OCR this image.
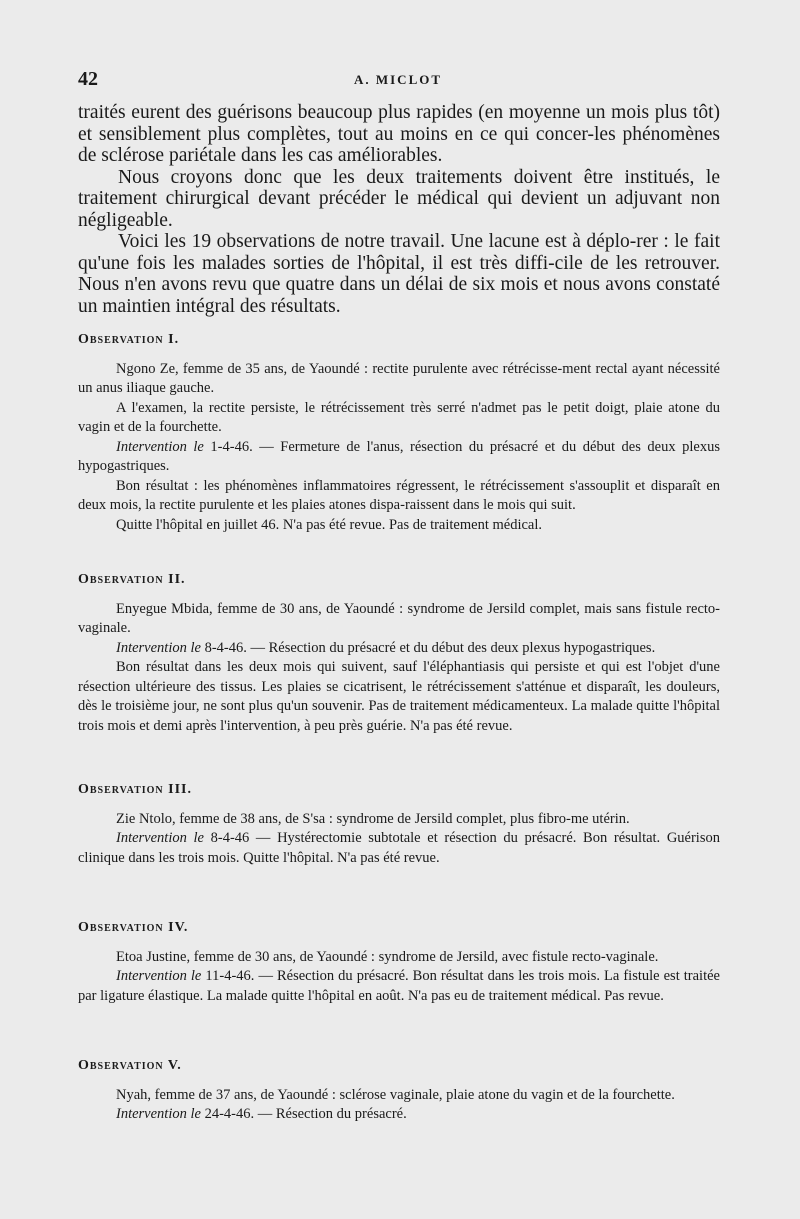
42	A. MICLOT

traités eurent des guérisons beaucoup plus rapides (en moyenne un mois plus tôt) et sensiblement plus complètes, tout au moins en ce qui concer-les phénomènes de sclérose pariétale dans les cas améliorables.

Nous croyons donc que les deux traitements doivent être institués, le traitement chirurgical devant précéder le médical qui devient un adjuvant non négligeable.

Voici les 19 observations de notre travail. Une lacune est à déplo-rer : le fait qu'une fois les malades sorties de l'hôpital, il est très diffi-cile de les retrouver. Nous n'en avons revu que quatre dans un délai de six mois et nous avons constaté un maintien intégral des résultats.

Observation I.

Ngono Ze, femme de 35 ans, de Yaoundé : rectite purulente avec rétrécisse-ment rectal ayant nécessité un anus iliaque gauche.

A l'examen, la rectite persiste, le rétrécissement très serré n'admet pas le petit doigt, plaie atone du vagin et de la fourchette.

Intervention le 1-4-46. — Fermeture de l'anus, résection du présacré et du début des deux plexus hypogastriques.

Bon résultat : les phénomènes inflammatoires régressent, le rétrécissement s'assouplit et disparaît en deux mois, la rectite purulente et les plaies atones dispa-raissent dans le mois qui suit.

Quitte l'hôpital en juillet 46. N'a pas été revue. Pas de traitement médical.

Observation II.

Enyegue Mbida, femme de 30 ans, de Yaoundé : syndrome de Jersild complet, mais sans fistule recto-vaginale.

Intervention le 8-4-46. — Résection du présacré et du début des deux plexus hypogastriques.

Bon résultat dans les deux mois qui suivent, sauf l'éléphantiasis qui persiste et qui est l'objet d'une résection ultérieure des tissus. Les plaies se cicatrisent, le rétrécissement s'atténue et disparaît, les douleurs, dès le troisième jour, ne sont plus qu'un souvenir. Pas de traitement médicamenteux. La malade quitte l'hôpital trois mois et demi après l'intervention, à peu près guérie. N'a pas été revue.

Observation III.

Zie Ntolo, femme de 38 ans, de S'sa : syndrome de Jersild complet, plus fibro-me utérin.

Intervention le 8-4-46 — Hystérectomie subtotale et résection du présacré. Bon résultat. Guérison clinique dans les trois mois. Quitte l'hôpital. N'a pas été revue.

Observation IV.

Etoa Justine, femme de 30 ans, de Yaoundé : syndrome de Jersild, avec fistule recto-vaginale.

Intervention le 11-4-46. — Résection du présacré. Bon résultat dans les trois mois. La fistule est traitée par ligature élastique. La malade quitte l'hôpital en août. N'a pas eu de traitement médical. Pas revue.

Observation V.

Nyah, femme de 37 ans, de Yaoundé : sclérose vaginale, plaie atone du vagin et de la fourchette.

Intervention le 24-4-46. — Résection du présacré.
